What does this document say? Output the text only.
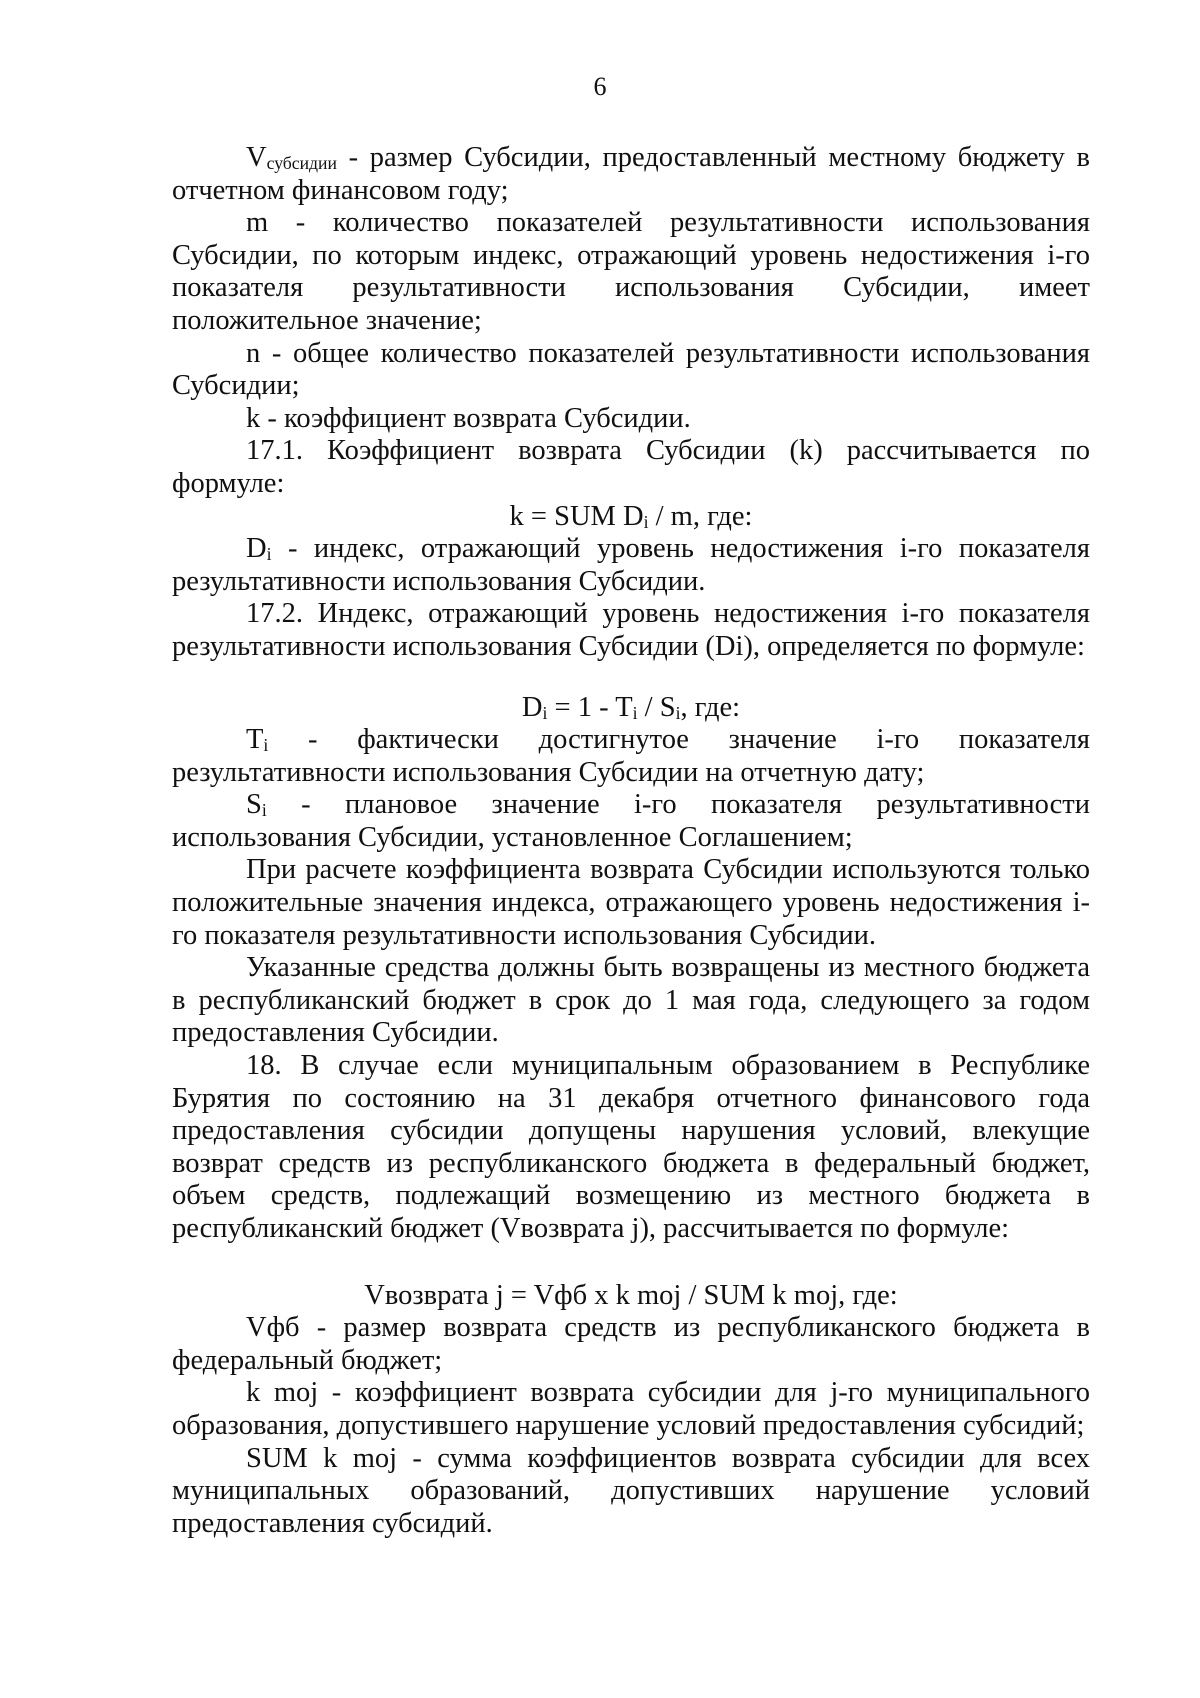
6

$V_{субсидии}$ - размер Субсидии, предоставленный местному бюджету в отчетном финансовом году;

m - количество показателей результативности использования Субсидии, по которым индекс, отражающий уровень недостижения i-го показателя результативности использования Субсидии, имеет положительное значение;

n - общее количество показателей результативности использования Субсидии;

k - коэффициент возврата Субсидии.

17.1. Коэффициент возврата Субсидии (k) рассчитывается по формуле:

k = SUM $D_i$ / m, где:

$D_i$ - индекс, отражающий уровень недостижения i-го показателя результативности использования Субсидии.

17.2. Индекс, отражающий уровень недостижения i-го показателя результативности использования Субсидии (Di), определяется по формуле:

$D_i = 1 - T_i / S_i$, где:

$T_i$ - фактически достигнутое значение i-го показателя результативности использования Субсидии на отчетную дату;

$S_i$ - плановое значение i-го показателя результативности использования Субсидии, установленное Соглашением;

При расчете коэффициента возврата Субсидии используются только положительные значения индекса, отражающего уровень недостижения i-го показателя результативности использования Субсидии.

Указанные средства должны быть возвращены из местного бюджета в республиканский бюджет в срок до 1 мая года, следующего за годом предоставления Субсидии.

18. В случае если муниципальным образованием в Республике Бурятия по состоянию на 31 декабря отчетного финансового года предоставления субсидии допущены нарушения условий, влекущие возврат средств из республиканского бюджета в федеральный бюджет, объем средств, подлежащий возмещению из местного бюджета в республиканский бюджет (Vвозврата j), рассчитывается по формуле:

Vвозврата j = Vфб x k moj / SUM k moj, где:

Vфб - размер возврата средств из республиканского бюджета в федеральный бюджет;

k moj - коэффициент возврата субсидии для j-го муниципального образования, допустившего нарушение условий предоставления субсидий;

SUM k moj - сумма коэффициентов возврата субсидии для всех муниципальных образований, допустивших нарушение условий предоставления субсидий.
